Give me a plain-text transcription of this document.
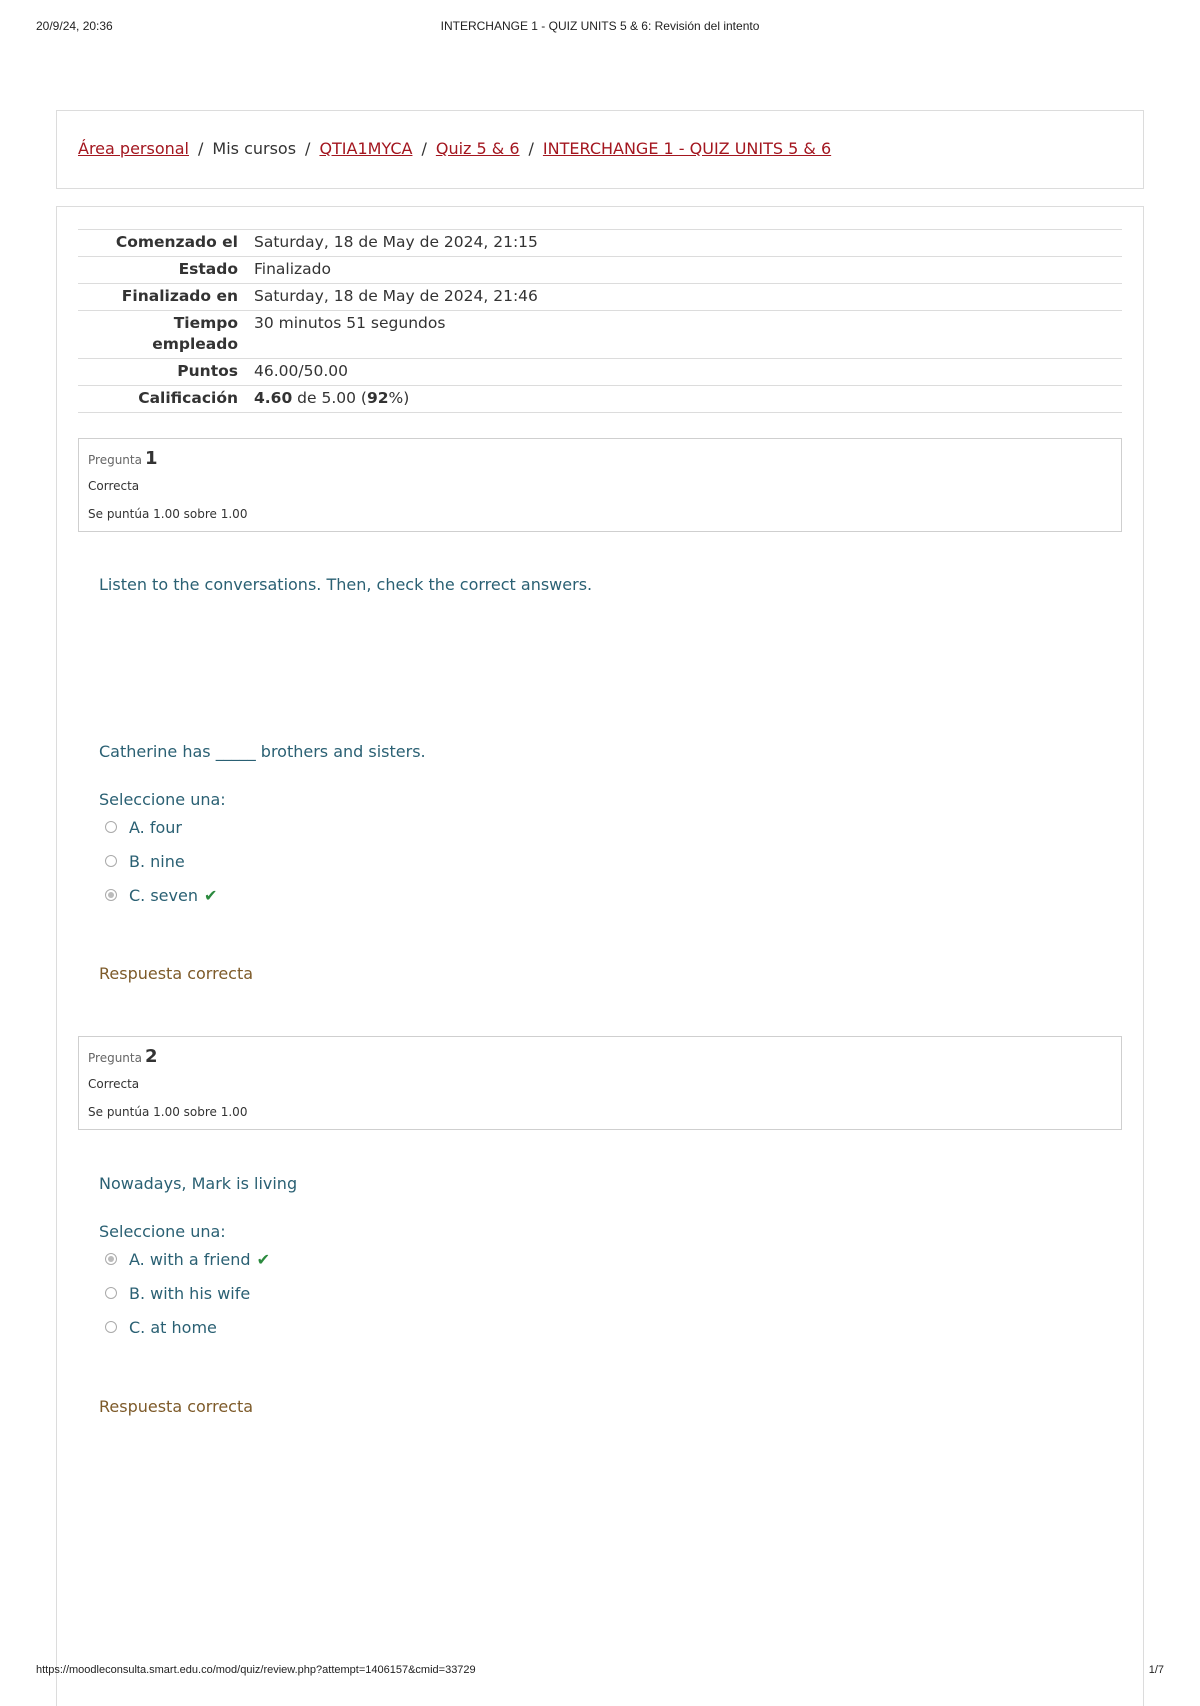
20/9/24, 20:36	INTERCHANGE 1 - QUIZ UNITS 5 & 6: Revisión del intento
Área personal / Mis cursos / QTIA1MYCA / Quiz 5 & 6 / INTERCHANGE 1 - QUIZ UNITS 5 & 6
Comenzado el	Saturday, 18 de May de 2024, 21:15
Estado	Finalizado
Finalizado en	Saturday, 18 de May de 2024, 21:46
Tiempo empleado	30 minutos 51 segundos
Puntos	46.00/50.00
Calificación	4.60 de 5.00 (92%)
Pregunta 1
Correcta
Se puntúa 1.00 sobre 1.00
Listen to the conversations. Then, check the correct answers.
Catherine has _____ brothers and sisters.
Seleccione una:
A. four
B. nine
C. seven ✔
Respuesta correcta
Pregunta 2
Correcta
Se puntúa 1.00 sobre 1.00
Nowadays, Mark is living
Seleccione una:
A. with a friend ✔
B. with his wife
C. at home
Respuesta correcta
https://moodleconsulta.smart.edu.co/mod/quiz/review.php?attempt=1406157&cmid=33729	1/7
